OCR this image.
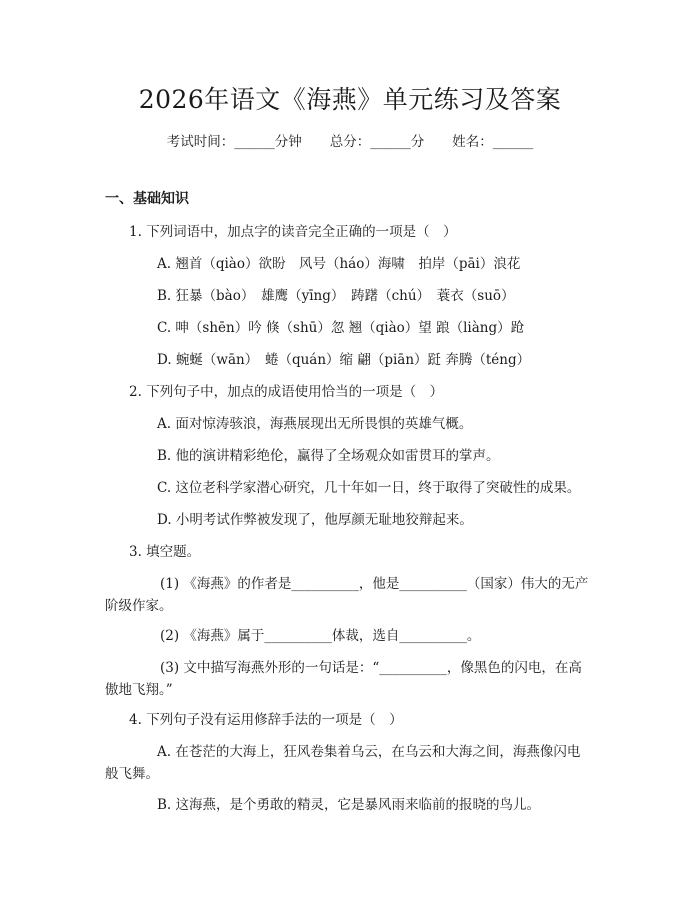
2026年语文《海燕》单元练习及答案
考试时间：______分钟 总分：______分 姓名：______
一、基础知识
1. 下列词语中，加点字的读音完全正确的一项是（　）
A. 翘首（qiào）欲盼　风号（háo）海啸　拍岸（pāi）浪花
B. 狂暴（bào）　雄鹰（yīng）　踌躇（chú）　蓑衣（suō）
C. 呻（shēn）吟 倏（shū）忽 翘（qiào）望 踉（liàng）跄
D. 蜿蜒（wān）　蜷（quán）缩 翩（piān）跹 奔腾（téng）
2. 下列句子中，加点的成语使用恰当的一项是（　）
A. 面对惊涛骇浪，海燕展现出无所畏惧的英雄气概。
B. 他的演讲精彩绝伦，赢得了全场观众如雷贯耳的掌声。
C. 这位老科学家潜心研究，几十年如一日，终于取得了突破性的成果。
D. 小明考试作弊被发现了，他厚颜无耻地狡辩起来。
3. 填空题。
(1) 《海燕》的作者是__________，他是__________（国家）伟大的无产
阶级作家。
(2) 《海燕》属于__________体裁，选自__________。
(3) 文中描写海燕外形的一句话是：“__________，像黑色的闪电，在高
傲地飞翔。”
4. 下列句子没有运用修辞手法的一项是（　）
A. 在苍茫的大海上，狂风卷集着乌云，在乌云和大海之间，海燕像闪电
般飞舞。
B. 这海燕，是个勇敢的精灵，它是暴风雨来临前的报晓的鸟儿。
